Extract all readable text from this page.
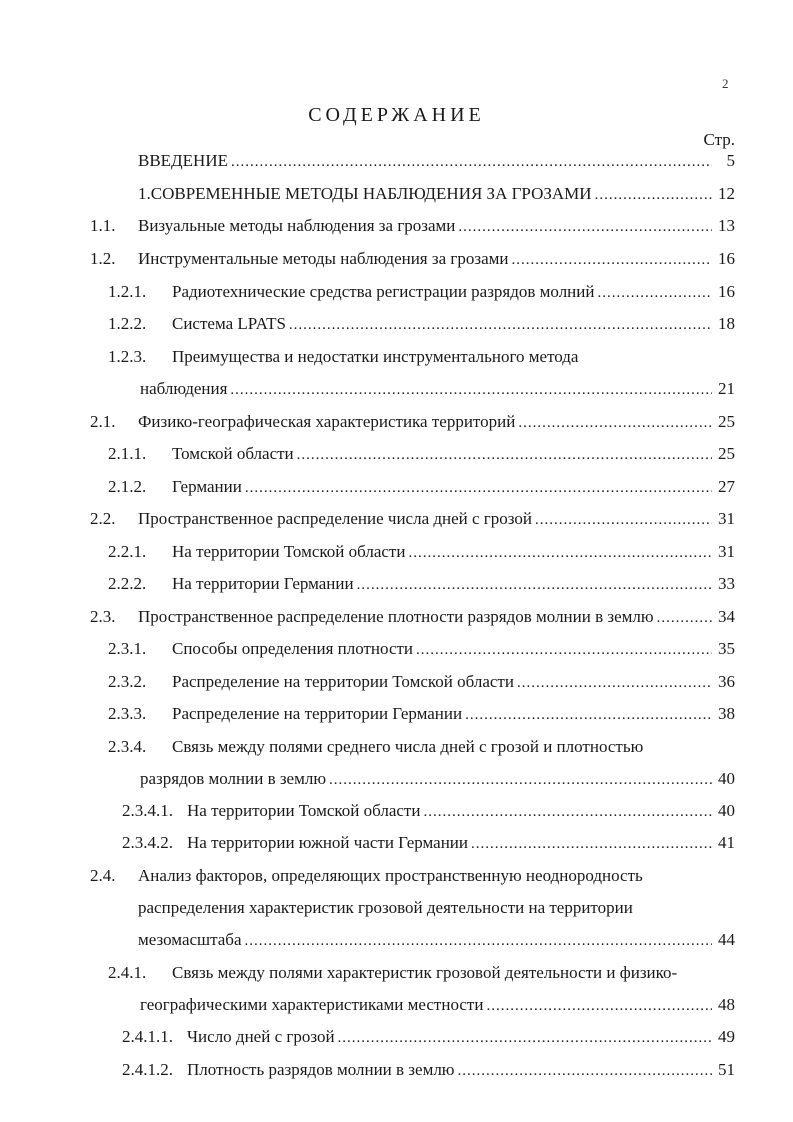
2
СОДЕРЖАНИЕ
Стр.
ВВЕДЕНИЕ .....	5
1.СОВРЕМЕННЫЕ МЕТОДЫ НАБЛЮДЕНИЯ ЗА ГРОЗАМИ .....	12
1.1. Визуальные методы наблюдения за грозами .....	13
1.2. Инструментальные методы наблюдения за грозами .....	16
1.2.1. Радиотехнические средства регистрации разрядов молний .....	16
1.2.2. Система LPATS .....	18
1.2.3. Преимущества и недостатки инструментального метода
наблюдения .....	21
2.1. Физико-географическая характеристика территорий .....	25
2.1.1. Томской области .....	25
2.1.2. Германии .....	27
2.2. Пространственное распределение числа дней с грозой .....	31
2.2.1. На территории Томской области .....	31
2.2.2. На территории Германии .....	33
2.3. Пространственное распределение плотности разрядов молнии в землю .....	34
2.3.1. Способы определения плотности .....	35
2.3.2. Распределение на территории Томской области .....	36
2.3.3. Распределение на территории Германии .....	38
2.3.4. Связь между полями среднего числа дней с грозой и плотностью
разрядов молнии в землю .....	40
2.3.4.1. На территории Томской области .....	40
2.3.4.2. На территории южной части Германии .....	41
2.4. Анализ факторов, определяющих пространственную неоднородность
распределения характеристик грозовой деятельности на территории
мезомасштаба .....	44
2.4.1. Связь между полями характеристик грозовой деятельности и физико-
географическими характеристиками местности .....	48
2.4.1.1. Число дней с грозой .....	49
2.4.1.2. Плотность разрядов молнии в землю .....	51
